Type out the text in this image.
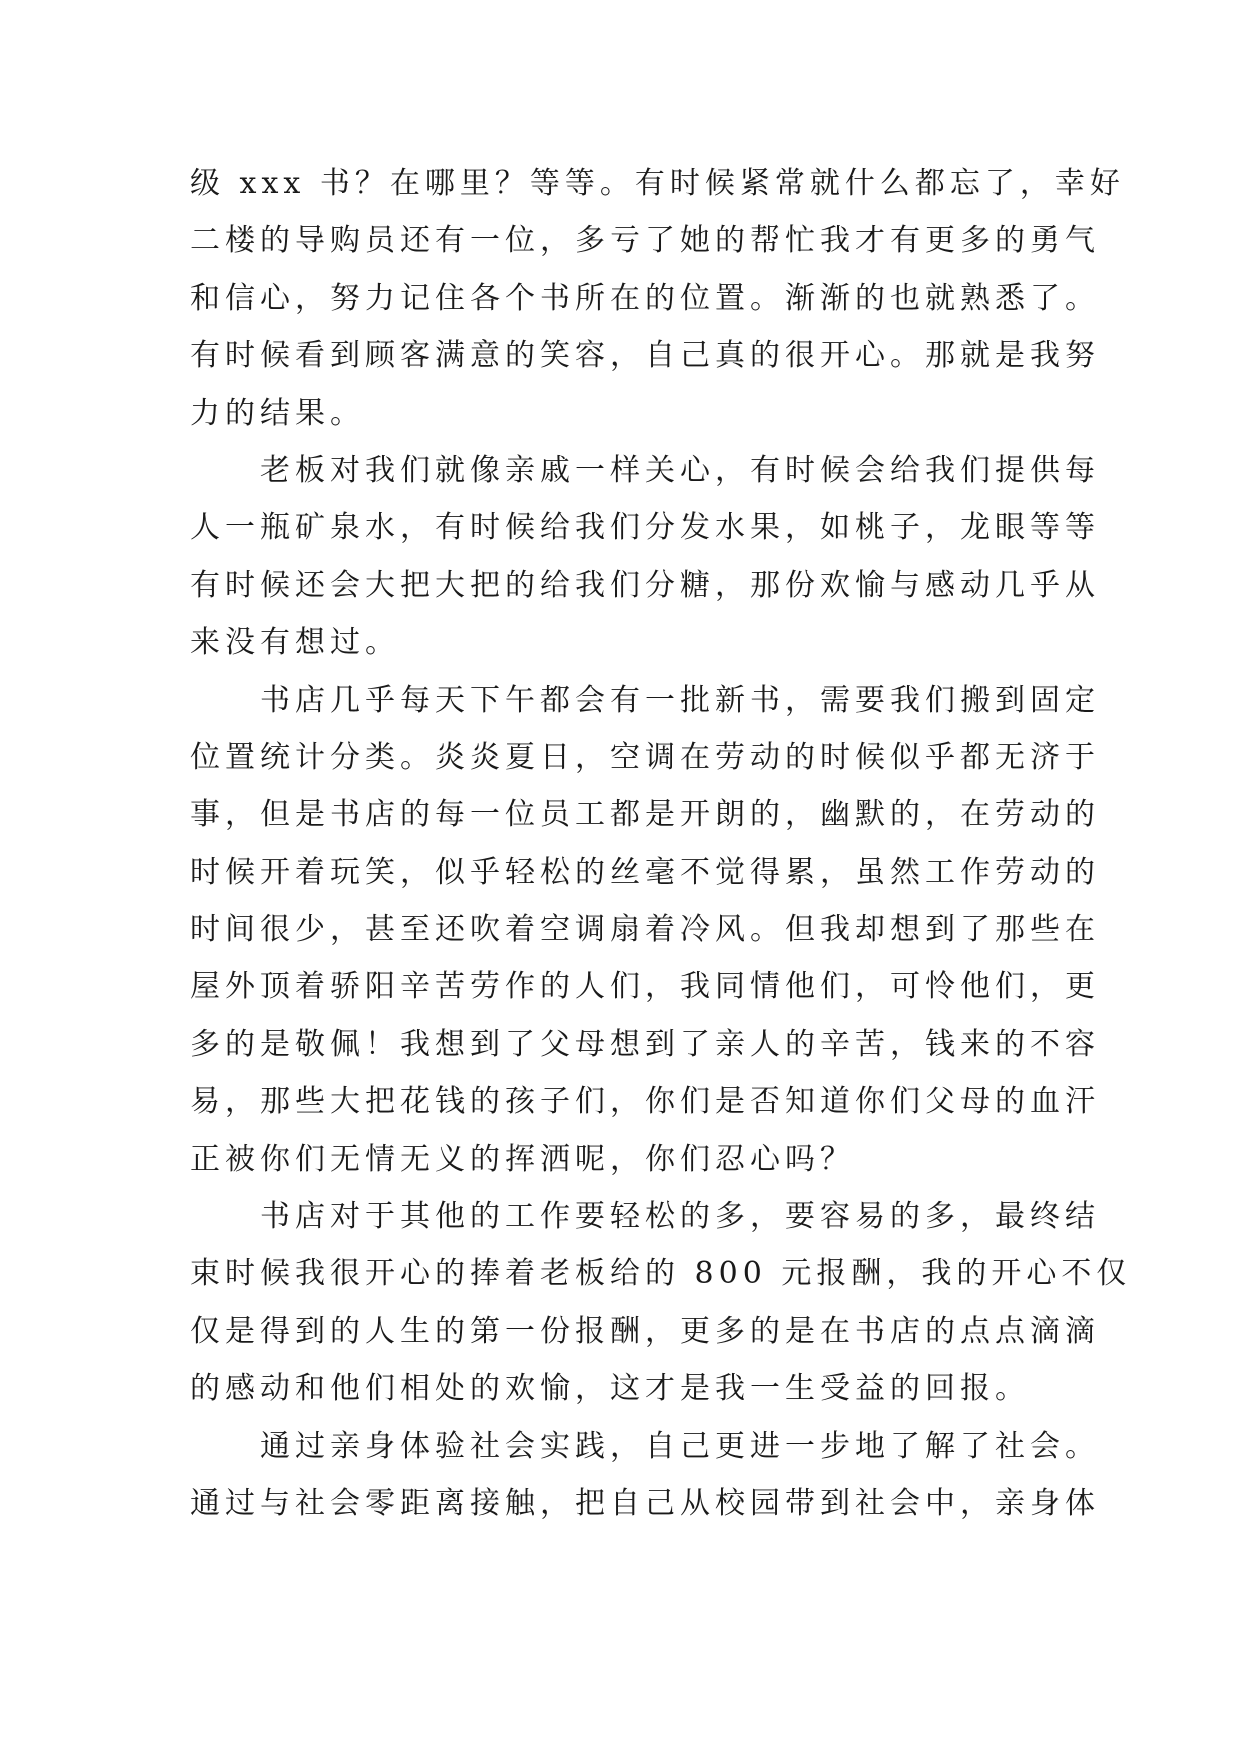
级 xxx 书？在哪里？等等。有时候紧常就什么都忘了，幸好
二楼的导购员还有一位，多亏了她的帮忙我才有更多的勇气
和信心，努力记住各个书所在的位置。渐渐的也就熟悉了。
有时候看到顾客满意的笑容，自己真的很开心。那就是我努
力的结果。
老板对我们就像亲戚一样关心，有时候会给我们提供每
人一瓶矿泉水，有时候给我们分发水果，如桃子，龙眼等等
有时候还会大把大把的给我们分糖，那份欢愉与感动几乎从
来没有想过。
书店几乎每天下午都会有一批新书，需要我们搬到固定
位置统计分类。炎炎夏日，空调在劳动的时候似乎都无济于
事，但是书店的每一位员工都是开朗的，幽默的，在劳动的
时候开着玩笑，似乎轻松的丝毫不觉得累，虽然工作劳动的
时间很少，甚至还吹着空调扇着冷风。但我却想到了那些在
屋外顶着骄阳辛苦劳作的人们，我同情他们，可怜他们，更
多的是敬佩！我想到了父母想到了亲人的辛苦，钱来的不容
易，那些大把花钱的孩子们，你们是否知道你们父母的血汗
正被你们无情无义的挥洒呢，你们忍心吗？
书店对于其他的工作要轻松的多，要容易的多，最终结
束时候我很开心的捧着老板给的 800 元报酬，我的开心不仅
仅是得到的人生的第一份报酬，更多的是在书店的点点滴滴
的感动和他们相处的欢愉，这才是我一生受益的回报。
通过亲身体验社会实践，自己更进一步地了解了社会。
通过与社会零距离接触，把自己从校园带到社会中，亲身体
